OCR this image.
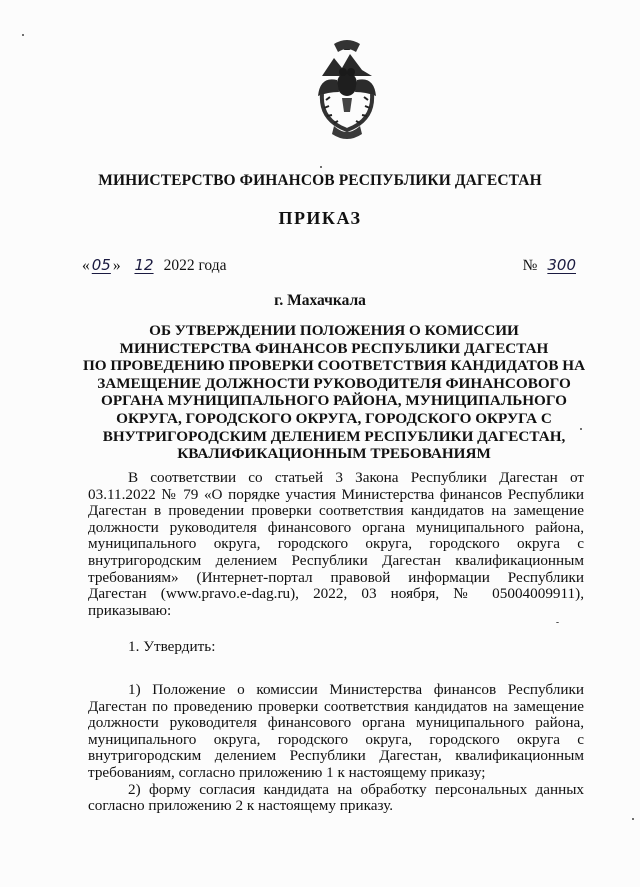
МИНИСТЕРСТВО ФИНАНСОВ РЕСПУБЛИКИ ДАГЕСТАН
ПРИКАЗ
« 05 » 12 2022 года	№ 300
г. Махачкала
ОБ УТВЕРЖДЕНИИ ПОЛОЖЕНИЯ О КОМИССИИ
МИНИСТЕРСТВА ФИНАНСОВ РЕСПУБЛИКИ ДАГЕСТАН
ПО ПРОВЕДЕНИЮ ПРОВЕРКИ СООТВЕТСТВИЯ КАНДИДАТОВ НА
ЗАМЕЩЕНИЕ ДОЛЖНОСТИ РУКОВОДИТЕЛЯ ФИНАНСОВОГО
ОРГАНА МУНИЦИПАЛЬНОГО РАЙОНА, МУНИЦИПАЛЬНОГО
ОКРУГА, ГОРОДСКОГО ОКРУГА, ГОРОДСКОГО ОКРУГА С
ВНУТРИГОРОДСКИМ ДЕЛЕНИЕМ РЕСПУБЛИКИ ДАГЕСТАН,
КВАЛИФИКАЦИОННЫМ ТРЕБОВАНИЯМ

В соответствии со статьей 3 Закона Республики Дагестан от 03.11.2022 № 79 «О порядке участия Министерства финансов Республики Дагестан в проведении проверки соответствия кандидатов на замещение должности руководителя финансового органа муниципального района, муниципального округа, городского округа, городского округа с внутригородским делением Республики Дагестан квалификационным требованиям» (Интернет-портал правовой информации Республики Дагестан (www.pravo.e-dag.ru), 2022, 03 ноября, № 05004009911), приказываю:

1. Утвердить:

1) Положение о комиссии Министерства финансов Республики Дагестан по проведению проверки соответствия кандидатов на замещение должности руководителя финансового органа муниципального района, муниципального округа, городского округа, городского округа с внутригородским делением Республики Дагестан, квалификационным требованиям, согласно приложению 1 к настоящему приказу;

2) форму согласия кандидата на обработку персональных данных согласно приложению 2 к настоящему приказу.
